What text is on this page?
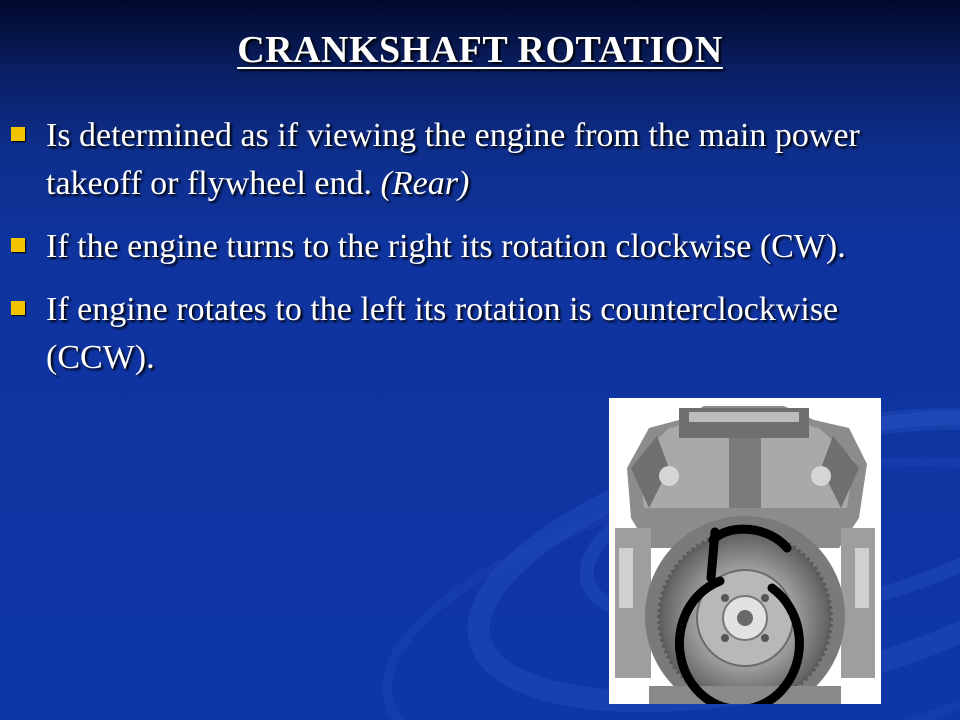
CRANKSHAFT ROTATION
Is determined as if viewing the engine from the main power takeoff or flywheel end. (Rear)
If the engine turns to the right its rotation clockwise (CW).
If engine rotates to the left its rotation is counterclockwise (CCW).
